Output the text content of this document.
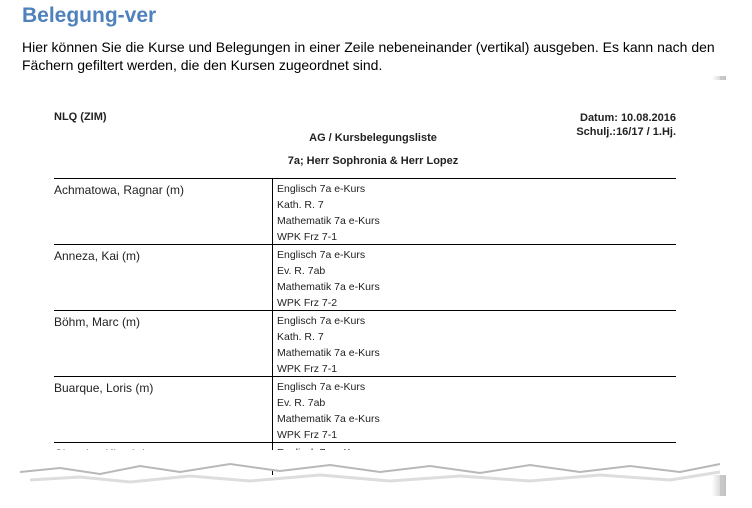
Belegung-ver
Hier können Sie die Kurse und Belegungen in einer Zeile nebeneinander (vertikal) ausgeben. Es kann nach den Fächern gefiltert werden, die den Kursen zugeordnet sind.
NLQ (ZIM)	Datum: 10.08.2016
Schulj.:16/17 / 1.Hj.
AG / Kursbelegungsliste
7a; Herr Sophronia & Herr Lopez
Achmatowa, Ragnar (m)	Englisch 7a e-Kurs
Kath. R. 7
Mathematik 7a e-Kurs
WPK Frz 7-1
Anneza, Kai (m)	Englisch 7a e-Kurs
Ev. R. 7ab
Mathematik 7a e-Kurs
WPK Frz 7-2
Böhm, Marc (m)	Englisch 7a e-Kurs
Kath. R. 7
Mathematik 7a e-Kurs
WPK Frz 7-1
Buarque, Loris (m)	Englisch 7a e-Kurs
Ev. R. 7ab
Mathematik 7a e-Kurs
WPK Frz 7-1
